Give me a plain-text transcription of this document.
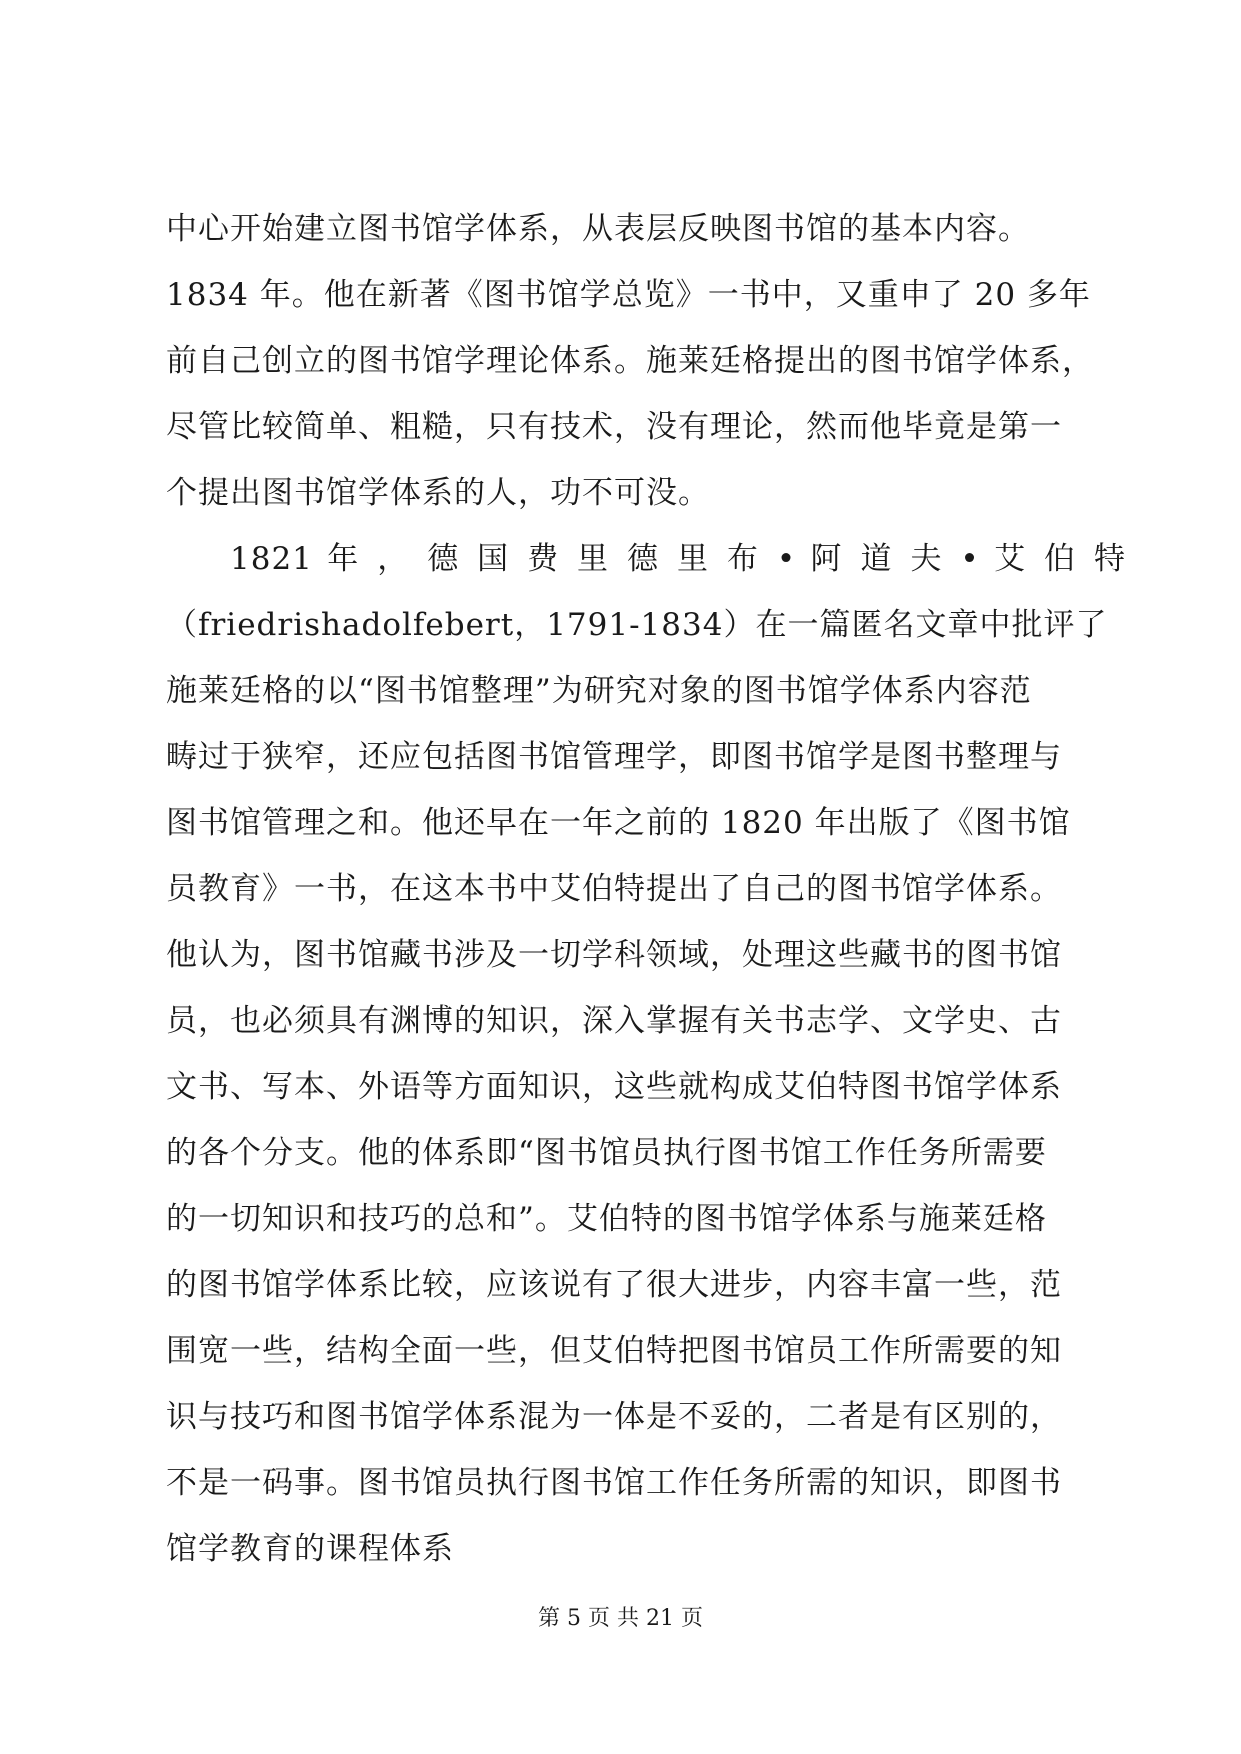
中心开始建立图书馆学体系，从表层反映图书馆的基本内容。
1834 年。他在新著《图书馆学总览》一书中，又重申了 20 多年
前自己创立的图书馆学理论体系。施莱廷格提出的图书馆学体系，
尽管比较简单、粗糙，只有技术，没有理论，然而他毕竟是第一
个提出图书馆学体系的人，功不可没。
1821 年 ， 德 国 费 里 德 里 布 • 阿 道 夫 • 艾 伯 特
（friedrishadolfebert，1791-1834）在一篇匿名文章中批评了
施莱廷格的以“图书馆整理”为研究对象的图书馆学体系内容范
畴过于狭窄，还应包括图书馆管理学，即图书馆学是图书整理与
图书馆管理之和。他还早在一年之前的 1820 年出版了《图书馆
员教育》一书，在这本书中艾伯特提出了自己的图书馆学体系。
他认为，图书馆藏书涉及一切学科领域，处理这些藏书的图书馆
员，也必须具有渊博的知识，深入掌握有关书志学、文学史、古
文书、写本、外语等方面知识，这些就构成艾伯特图书馆学体系
的各个分支。他的体系即“图书馆员执行图书馆工作任务所需要
的一切知识和技巧的总和”。艾伯特的图书馆学体系与施莱廷格
的图书馆学体系比较，应该说有了很大进步，内容丰富一些，范
围宽一些，结构全面一些，但艾伯特把图书馆员工作所需要的知
识与技巧和图书馆学体系混为一体是不妥的，二者是有区别的，
不是一码事。图书馆员执行图书馆工作任务所需的知识，即图书
馆学教育的课程体系
第 5 页 共 21 页
